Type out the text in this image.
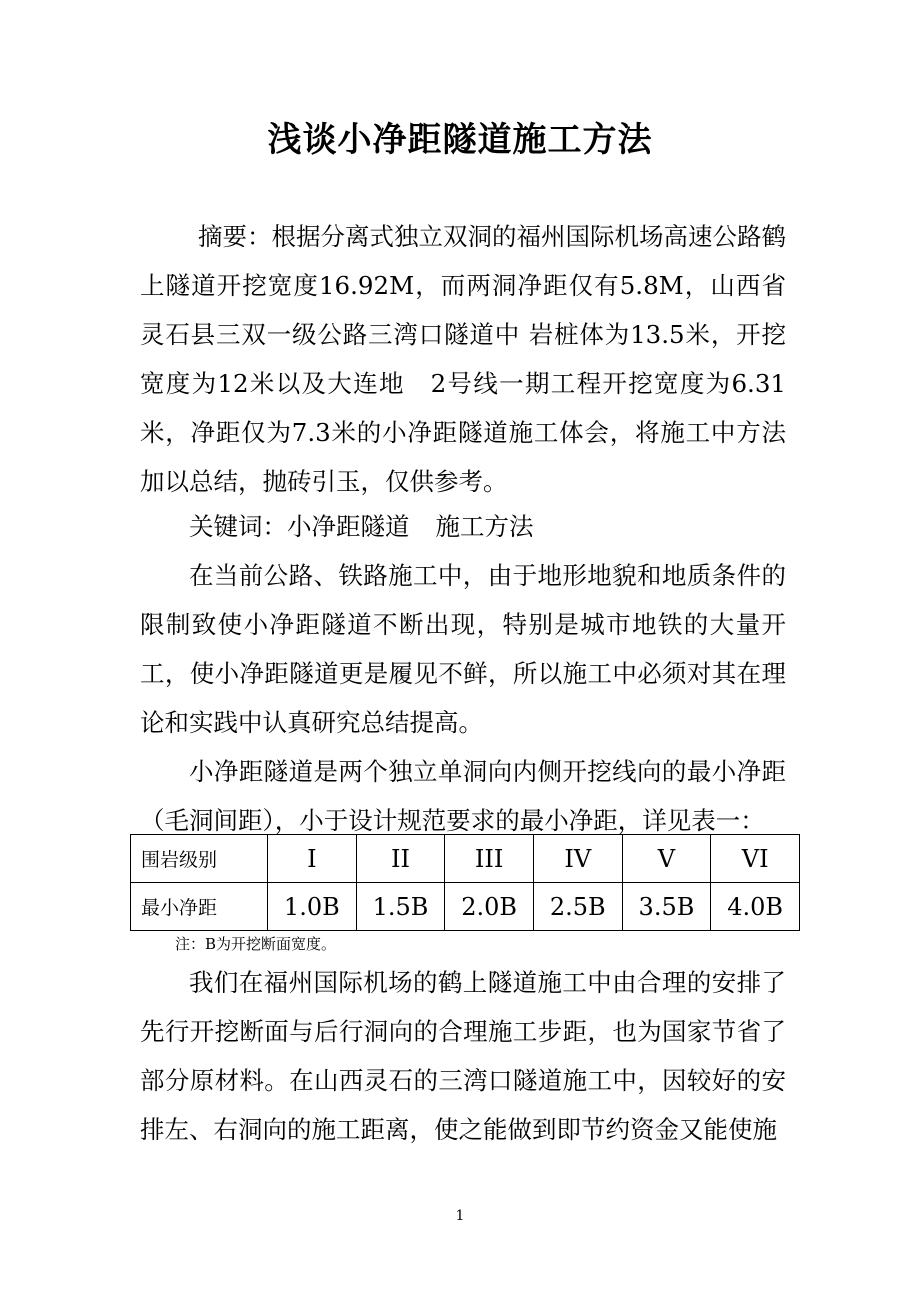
浅谈小净距隧道施工方法
摘要：根据分离式独立双洞的福州国际机场高速公路鹤上隧道开挖宽度16.92M，而两洞净距仅有5.8M，山西省灵石县三双一级公路三湾口隧道中 岩桩体为13.5米，开挖宽度为12米以及大连地　2号线一期工程开挖宽度为6.31米，净距仅为7.3米的小净距隧道施工体会，将施工中方法加以总结，抛砖引玉，仅供参考。
关键词：小净距隧道 施工方法
在当前公路、铁路施工中，由于地形地貌和地质条件的限制致使小净距隧道不断出现，特别是城市地铁的大量开工，使小净距隧道更是履见不鲜，所以施工中必须对其在理论和实践中认真研究总结提高。
小净距隧道是两个独立单洞向内侧开挖线向的最小净距（毛洞间距），小于设计规范要求的最小净距，详见表一：
围岩级别	I	II	III	IV	V	VI
最小净距	1.0B	1.5B	2.0B	2.5B	3.5B	4.0B
注：B为开挖断面宽度。
我们在福州国际机场的鹤上隧道施工中由合理的安排了先行开挖断面与后行洞向的合理施工步距，也为国家节省了部分原材料。在山西灵石的三湾口隧道施工中，因较好的安排左、右洞向的施工距离，使之能做到即节约资金又能使施
1
